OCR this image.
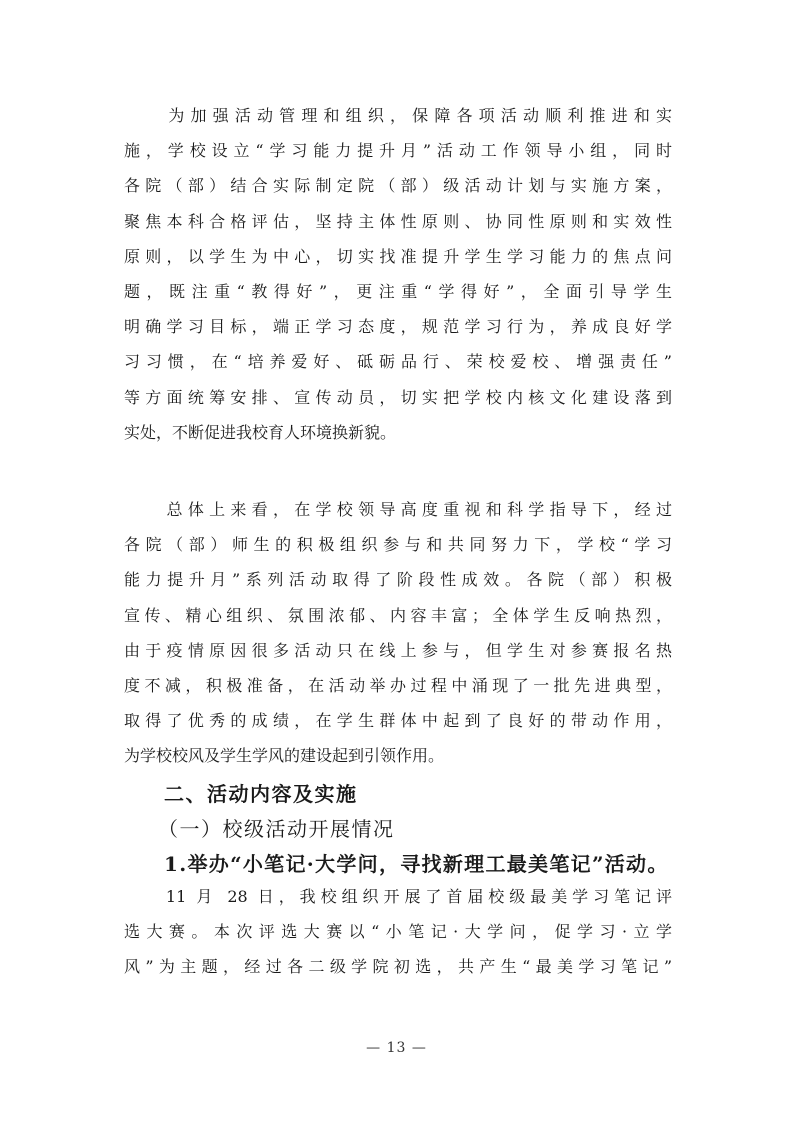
　　为加强活动管理和组织，保障各项活动顺利推进和实
施，学校设立“学习能力提升月”活动工作领导小组，同时
各院（部）结合实际制定院（部）级活动计划与实施方案，
聚焦本科合格评估，坚持主体性原则、协同性原则和实效性
原则，以学生为中心，切实找准提升学生学习能力的焦点问
题，既注重“教得好”，更注重“学得好”，全面引导学生
明确学习目标，端正学习态度，规范学习行为，养成良好学
习习惯，在“培养爱好、砥砺品行、荣校爱校、增强责任”
等方面统筹安排、宣传动员，切实把学校内核文化建设落到
实处，不断促进我校育人环境换新貌。
　　总体上来看，在学校领导高度重视和科学指导下，经过
各院（部）师生的积极组织参与和共同努力下，学校“学习
能力提升月”系列活动取得了阶段性成效。各院（部）积极
宣传、精心组织、氛围浓郁、内容丰富；全体学生反响热烈，
由于疫情原因很多活动只在线上参与，但学生对参赛报名热
度不减，积极准备，在活动举办过程中涌现了一批先进典型，
取得了优秀的成绩，在学生群体中起到了良好的带动作用，
为学校校风及学生学风的建设起到引领作用。
二、活动内容及实施
（一）校级活动开展情况
1.举办“小笔记·大学问，寻找新理工最美笔记”活动。
　　11 月 28 日，我校组织开展了首届校级最美学习笔记评
选大赛。本次评选大赛以“小笔记·大学问，促学习·立学
风”为主题，经过各二级学院初选，共产生“最美学习笔记”
— 13 —
